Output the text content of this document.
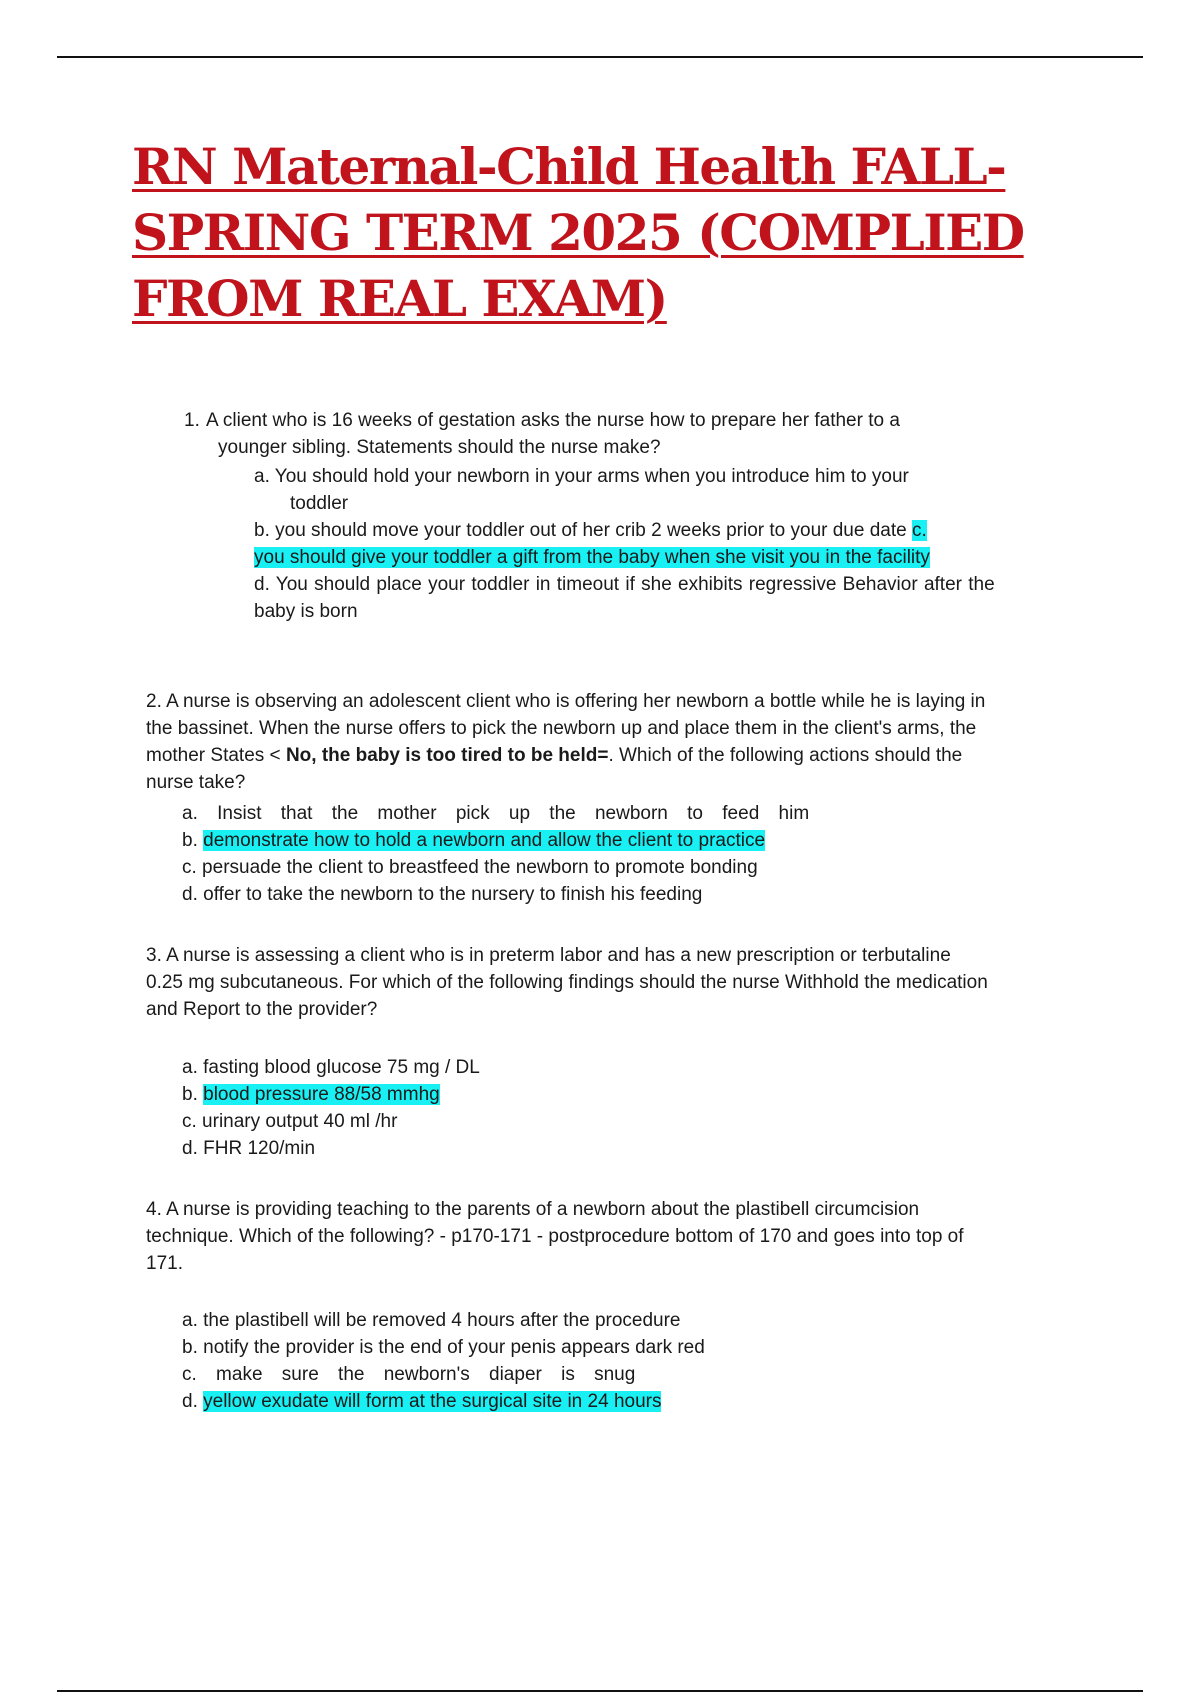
RN Maternal-Child Health FALL-SPRING TERM 2025 (COMPLIED FROM REAL EXAM)
1. A client who is 16 weeks of gestation asks the nurse how to prepare her father to a
younger sibling. Statements should the nurse make?
a. You should hold your newborn in your arms when you introduce him to your
toddler
b. you should move your toddler out of her crib 2 weeks prior to your due date c.
you should give your toddler a gift from the baby when she visit you in the facility
d. You should place your toddler in timeout if she exhibits regressive Behavior after the
baby is born
2. A nurse is observing an adolescent client who is offering her newborn a bottle while he is laying in
the bassinet. When the nurse offers to pick the newborn up and place them in the client's arms, the
mother States < No, the baby is too tired to be held=. Which of the following actions should the
nurse take?
a. Insist that the mother pick up the newborn to feed him
b. demonstrate how to hold a newborn and allow the client to practice
c. persuade the client to breastfeed the newborn to promote bonding
d. offer to take the newborn to the nursery to finish his feeding
3. A nurse is assessing a client who is in preterm labor and has a new prescription or terbutaline
0.25 mg subcutaneous. For which of the following findings should the nurse Withhold the medication
and Report to the provider?
a. fasting blood glucose 75 mg / DL
b. blood pressure 88/58 mmhg
c. urinary output 40 ml /hr
d. FHR 120/min
4. A nurse is providing teaching to the parents of a newborn about the plastibell circumcision
technique. Which of the following? - p170-171 - postprocedure bottom of 170 and goes into top of
171.
a. the plastibell will be removed 4 hours after the procedure
b. notify the provider is the end of your penis appears dark red
c. make sure the newborn's diaper is snug
d. yellow exudate will form at the surgical site in 24 hours
